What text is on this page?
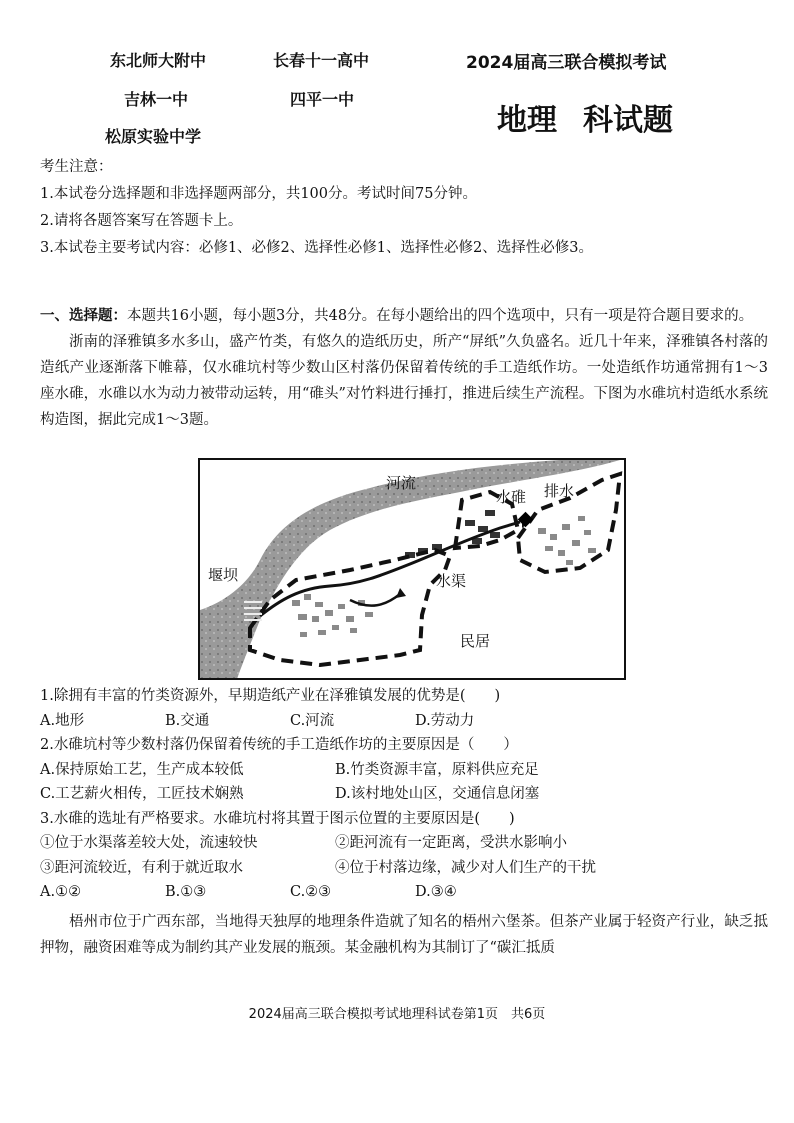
东北师大附中	长春十一高中
吉林一中	四平一中
松原实验中学
2024届高三联合模拟考试
地理 科试题
考生注意：
1.本试卷分选择题和非选择题两部分，共100分。考试时间75分钟。
2.请将各题答案写在答题卡上。
3.本试卷主要考试内容：必修1、必修2、选择性必修1、选择性必修2、选择性必修3。
一、选择题：本题共16小题，每小题3分，共48分。在每小题给出的四个选项中，只有一项是符合题目要求的。

浙南的泽雅镇多水多山，盛产竹类，有悠久的造纸历史，所产“屏纸”久负盛名。近几十年来，泽雅镇各村落的造纸产业逐渐落下帷幕，仅水碓坑村等少数山区村落仍保留着传统的手工造纸作坊。一处造纸作坊通常拥有1～3座水碓，水碓以水为动力被带动运转，用“碓头”对竹料进行捶打，推进后续生产流程。下图为水碓坑村造纸水系统构造图，据此完成1～3题。

河流
水碓 排水
堰坝	水渠
民居
1.除拥有丰富的竹类资源外，早期造纸产业在泽雅镇发展的优势是(　　)
A.地形	B.交通	C.河流	D.劳动力
2.水碓坑村等少数村落仍保留着传统的手工造纸作坊的主要原因是（　　）
A.保持原始工艺，生产成本较低	B.竹类资源丰富，原料供应充足
C.工艺薪火相传，工匠技术娴熟	D.该村地处山区，交通信息闭塞
3.水碓的选址有严格要求。水碓坑村将其置于图示位置的主要原因是(　　)
①位于水渠落差较大处，流速较快	②距河流有一定距离，受洪水影响小
③距河流较近，有利于就近取水	④位于村落边缘，减少对人们生产的干扰
A.①②	B.①③	C.②③	D.③④

梧州市位于广西东部，当地得天独厚的地理条件造就了知名的梧州六堡茶。但茶产业属于轻资产行业，缺乏抵押物，融资困难等成为制约其产业发展的瓶颈。某金融机构为其制订了“碳汇抵质

2024届高三联合模拟考试地理科试卷第1页　共6页
